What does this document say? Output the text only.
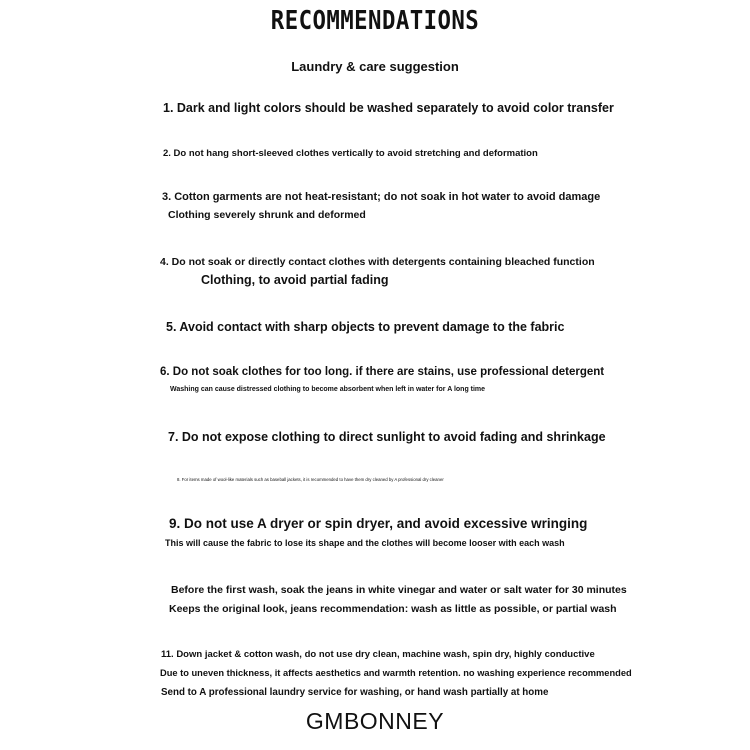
RECOMMENDATIONS
Laundry & care suggestion
1. Dark and light colors should be washed separately to avoid color transfer
2. Do not hang short-sleeved clothes vertically to avoid stretching and deformation
3. Cotton garments are not heat-resistant; do not soak in hot water to avoid damage
Clothing severely shrunk and deformed
4. Do not soak or directly contact clothes with detergents containing bleached function
Clothing, to avoid partial fading
5. Avoid contact with sharp objects to prevent damage to the fabric
6. Do not soak clothes for too long. if there are stains, use professional detergent
Washing can cause distressed clothing to become absorbent when left in water for A long time
7. Do not expose clothing to direct sunlight to avoid fading and shrinkage
8. For items made of wool-like materials such as baseball jackets, it is recommended to have them dry cleaned by A professional dry cleaner
9. Do not use A dryer or spin dryer, and avoid excessive wringing
This will cause the fabric to lose its shape and the clothes will become looser with each wash
Before the first wash, soak the jeans in white vinegar and water or salt water for 30 minutes
Keeps the original look, jeans recommendation: wash as little as possible, or partial wash
11. Down jacket & cotton wash, do not use dry clean, machine wash, spin dry, highly conductive
Due to uneven thickness, it affects aesthetics and warmth retention. no washing experience recommended
Send to A professional laundry service for washing, or hand wash partially at home
GMBONNEY
